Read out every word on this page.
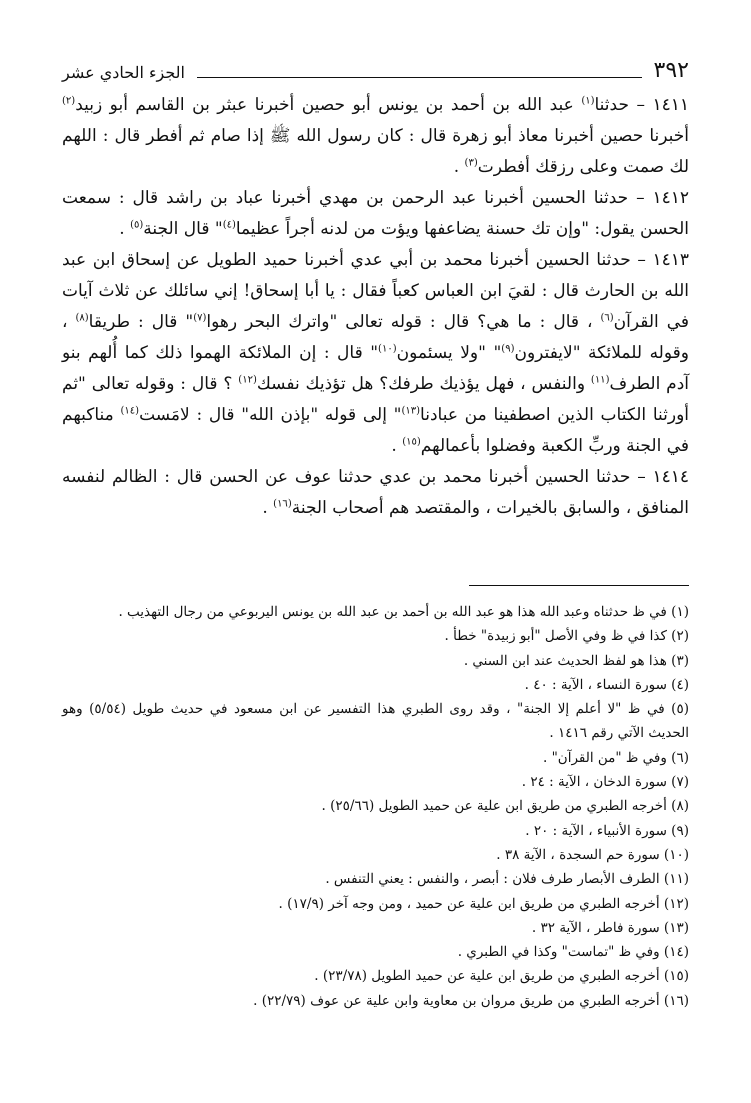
٣٩٢
الجزء الحادي عشر

١٤١١ – حدثنا$^{(١)}$ عبد الله بن أحمد بن يونس أبو حصين أخبرنا عبثر بن القاسم أبو زبيد$^{(٢)}$ أخبرنا حصين أخبرنا معاذ أبو زهرة قال : كان رسول الله ﷺ إذا صام ثم أفطر قال : اللهم لك صمت وعلى رزقك أفطرت$^{(٣)}$ .

١٤١٢ – حدثنا الحسين أخبرنا عبد الرحمن بن مهدي أخبرنا عباد بن راشد قال : سمعت الحسن يقول: "وإن تك حسنة يضاعفها ويؤت من لدنه أجراً عظيما$^{(٤)}$" قال الجنة$^{(٥)}$ .

١٤١٣ – حدثنا الحسين أخبرنا محمد بن أبي عدي أخبرنا حميد الطويل عن إسحاق ابن عبد الله بن الحارث قال : لقيَ ابن العباس كعباً فقال : يا أبا إسحاق! إني سائلك عن ثلاث آيات في القرآن$^{(٦)}$ ، قال : ما هي؟ قال : قوله تعالى "واترك البحر رهوا$^{(٧)}$" قال : طريقا$^{(٨)}$ ، وقوله للملائكة "لايفترون$^{(٩)}$" "ولا يسئمون$^{(١٠)}$" قال : إن الملائكة الهموا ذلك كما أُلهم بنو آدم الطرف$^{(١١)}$ والنفس ، فهل يؤذيك طرفك؟ هل تؤذيك نفسك$^{(١٢)}$ ؟ قال : وقوله تعالى "ثم أورثنا الكتاب الذين اصطفينا من عبادنا$^{(١٣)}$" إلى قوله "بإذن الله" قال : لامَست$^{(١٤)}$ مناكبهم في الجنة وربِّ الكعبة وفضلوا بأعمالهم$^{(١٥)}$ .

١٤١٤ – حدثنا الحسين أخبرنا محمد بن عدي حدثنا عوف عن الحسن قال : الظالم لنفسه المنافق ، والسابق بالخيرات ، والمقتصد هم أصحاب الجنة$^{(١٦)}$ .

(١) في ظ حدثناه وعبد الله هذا هو عبد الله بن أحمد بن عبد الله بن يونس اليربوعي من رجال التهذيب .

(٢) كذا في ظ وفي الأصل "أبو زبيدة" خطأ .

(٣) هذا هو لفظ الحديث عند ابن السني .

(٤) سورة النساء ، الآية : ٤٠ .

(٥) في ظ "لا أعلم إلا الجنة" ، وقد روى الطبري هذا التفسير عن ابن مسعود في حديث طويل (٥/٥٤) وهو الحديث الآتي رقم ١٤١٦ .

(٦) وفي ظ "من القرآن" .

(٧) سورة الدخان ، الآية : ٢٤ .

(٨) أخرجه الطبري من طريق ابن علية عن حميد الطويل (٢٥/٦٦) .

(٩) سورة الأنبياء ، الآية : ٢٠ .

(١٠) سورة حم السجدة ، الآية ٣٨ .

(١١) الطرف الأبصار طرف فلان : أبصر ، والنفس : يعني التنفس .

(١٢) أخرجه الطبري من طريق ابن علية عن حميد ، ومن وجه آخر (١٧/٩) .

(١٣) سورة فاطر ، الآية ٣٢ .

(١٤) وفي ظ "تماست" وكذا في الطبري .

(١٥) أخرجه الطبري من طريق ابن علية عن حميد الطويل (٢٣/٧٨) .

(١٦) أخرجه الطبري من طريق مروان بن معاوية وابن علية عن عوف (٢٢/٧٩) .
